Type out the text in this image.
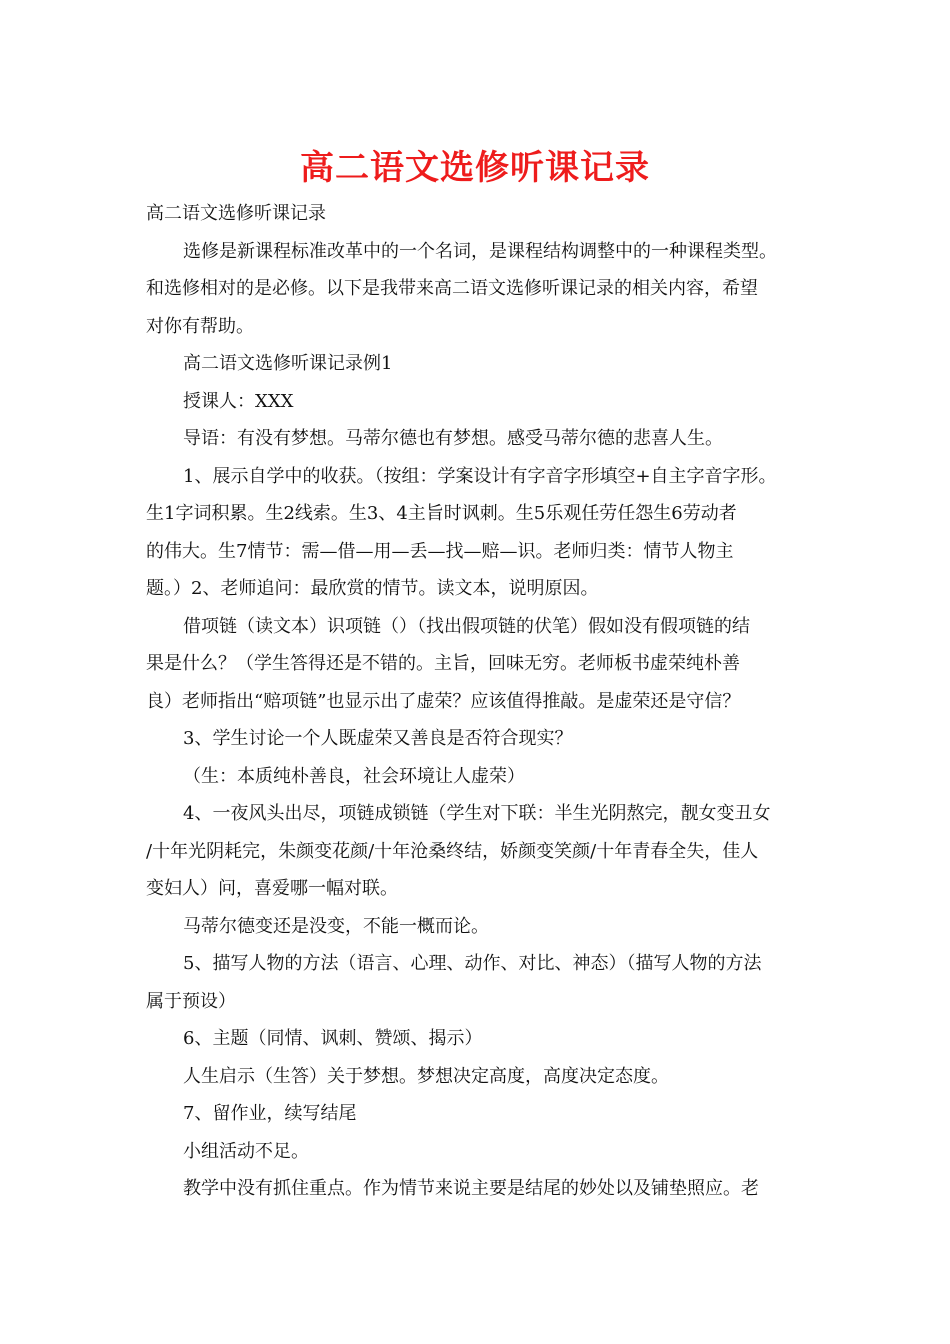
高二语文选修听课记录

高二语文选修听课记录

选修是新课程标准改革中的一个名词，是课程结构调整中的一种课程类型。

和选修相对的是必修。以下是我带来高二语文选修听课记录的相关内容，希望

对你有帮助。

高二语文选修听课记录例1

授课人：XXX

导语：有没有梦想。马蒂尔德也有梦想。感受马蒂尔德的悲喜人生。

1、展示自学中的收获。（按组：学案设计有字音字形填空+自主字音字形。

生1字词积累。生2线索。生3、4主旨时讽刺。生5乐观任劳任怨生6劳动者

的伟大。生7情节：需—借—用—丢—找—赔—识。老师归类：情节人物主

题。）2、老师追问：最欣赏的情节。读文本，说明原因。

借项链（读文本）识项链（）（找出假项链的伏笔）假如没有假项链的结

果是什么？（学生答得还是不错的。主旨，回味无穷。老师板书虚荣纯朴善

良）老师指出“赔项链”也显示出了虚荣？应该值得推敲。是虚荣还是守信？

3、学生讨论一个人既虚荣又善良是否符合现实？

（生：本质纯朴善良，社会环境让人虚荣）

4、一夜风头出尽，项链成锁链（学生对下联：半生光阴熬完，靓女变丑女

/十年光阴耗完，朱颜变花颜/十年沧桑终结，娇颜变笑颜/十年青春全失，佳人

变妇人）问，喜爱哪一幅对联。

马蒂尔德变还是没变，不能一概而论。

5、描写人物的方法（语言、心理、动作、对比、神态）（描写人物的方法

属于预设）

6、主题（同情、讽刺、赞颂、揭示）

人生启示（生答）关于梦想。梦想决定高度，高度决定态度。

7、留作业，续写结尾

小组活动不足。

教学中没有抓住重点。作为情节来说主要是结尾的妙处以及铺垫照应。老
